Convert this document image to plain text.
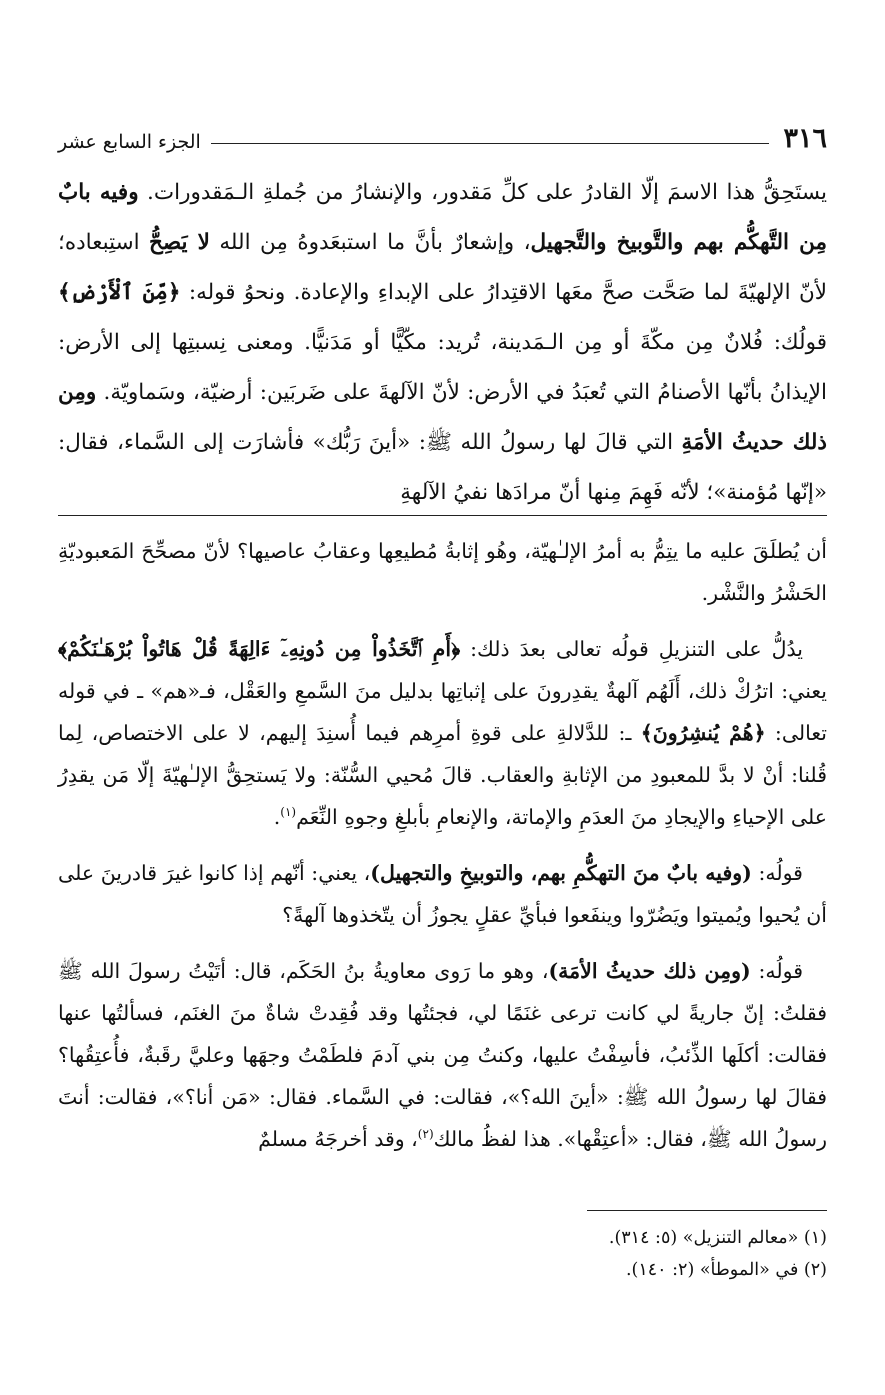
٣١٦
الجزء السابع عشر

يستَحِقُّ هذا الاسمَ إلّا القادرُ على كلِّ مَقدور، والإنشارُ من جُملةِ الـمَقدورات. وفيه بابٌ مِن التَّهكُّم بهم والتَّوبيخ والتَّجهيل، وإشعارٌ بأنَّ ما استبعَدوهُ مِن الله لا يَصِحُّ استِبعاده؛ لأنّ الإلهيّةَ لما صَحَّت صحَّ معَها الاقتِدارُ على الإبداءِ والإعادة. ونحوُ قوله: ﴿مِّنَ ٱلْأَرْضِ﴾ قولُك: فُلانٌ مِن مكّةَ أو مِن الـمَدينة، تُريد: مكّيًّا أو مَدَنيًّا. ومعنى نِسبتِها إلى الأرض: الإيذانُ بأنّها الأصنامُ التي تُعبَدُ في الأرض: لأنّ الآلهةَ على ضَربَين: أرضيّة، وسَماويّة. ومِن ذلك حديثُ الأمَةِ التي قالَ لها رسولُ الله ﷺ: «أينَ رَبُّك» فأشارَت إلى السَّماء، فقال: «إنّها مُؤمنة»؛ لأنّه فَهِمَ مِنها أنّ مرادَها نفيُ الآلهةِ

أن يُطلَقَ عليه ما يتِمُّ به أمرُ الإلـٰهيّة، وهُو إثابةُ مُطيعِها وعقابُ عاصيها؟ لأنّ مصحِّحَ المَعبوديّةِ الحَشْرُ والنَّشْر.

يدُلُّ على التنزيلِ قولُه تعالى بعدَ ذلك: ﴿أَمِ ٱتَّخَذُواْ مِن دُونِهِۦٓ ءَالِهَةً قُلْ هَاتُواْ بُرْهَـٰنَكُمْ﴾ يعني: اترُكْ ذلك، أَلَهُم آلهةٌ يقدِرونَ على إثباتِها بدليل منَ السَّمعِ والعَقْل، فـ«هم» ـ في قوله تعالى: ﴿هُمْ يُنشِرُونَ﴾ ـ: للدَّلالةِ على قوةِ أمرِهم فيما أُسنِدَ إليهم، لا على الاختصاص، لِما قُلنا: أنْ لا بدَّ للمعبودِ من الإثابةِ والعقاب. قالَ مُحيي السُّنّة: ولا يَستحِقُّ الإلـٰهيّةَ إلّا مَن يقدِرُ على الإحياءِ والإيجادِ منَ العدَمِ والإماتة، والإنعامِ بأبلغِ وجوهِ النِّعَم$^{(١)}$.

قولُه: (وفيه بابٌ منَ التهكُّمِ بهم، والتوبيخِ والتجهيل)، يعني: أنّهم إذا كانوا غيرَ قادرينَ على أن يُحيوا ويُميتوا ويَضُرّوا وينفَعوا فبأيِّ عقلٍ يجوزُ أن يتّخذوها آلهةً؟

قولُه: (ومِن ذلك حديثُ الأمَة)، وهو ما رَوى معاويةُ بنُ الحَكَم، قال: أتَيْتُ رسولَ الله ﷺ فقلتُ: إنّ جاريةً لي كانت ترعى غنَمًا لي، فجئتُها وقد فُقِدتْ شاةٌ منَ الغنَم، فسألتُها عنها فقالت: أكلَها الذِّئبُ، فأسِفْتُ عليها، وكنتُ مِن بني آدمَ فلطَمْتُ وجهَها وعليَّ رقَبةٌ، فأُعتِقُها؟ فقالَ لها رسولُ الله ﷺ: «أينَ الله؟»، فقالت: في السَّماء. فقال: «مَن أنا؟»، فقالت: أنتَ رسولُ الله ﷺ، فقال: «أعتِقْها». هذا لفظُ مالك$^{(٢)}$، وقد أخرجَهُ مسلمٌ

(١) «معالم التنزيل» (٥: ٣١٤).
(٢) في «الموطأ» (٢: ١٤٠).
